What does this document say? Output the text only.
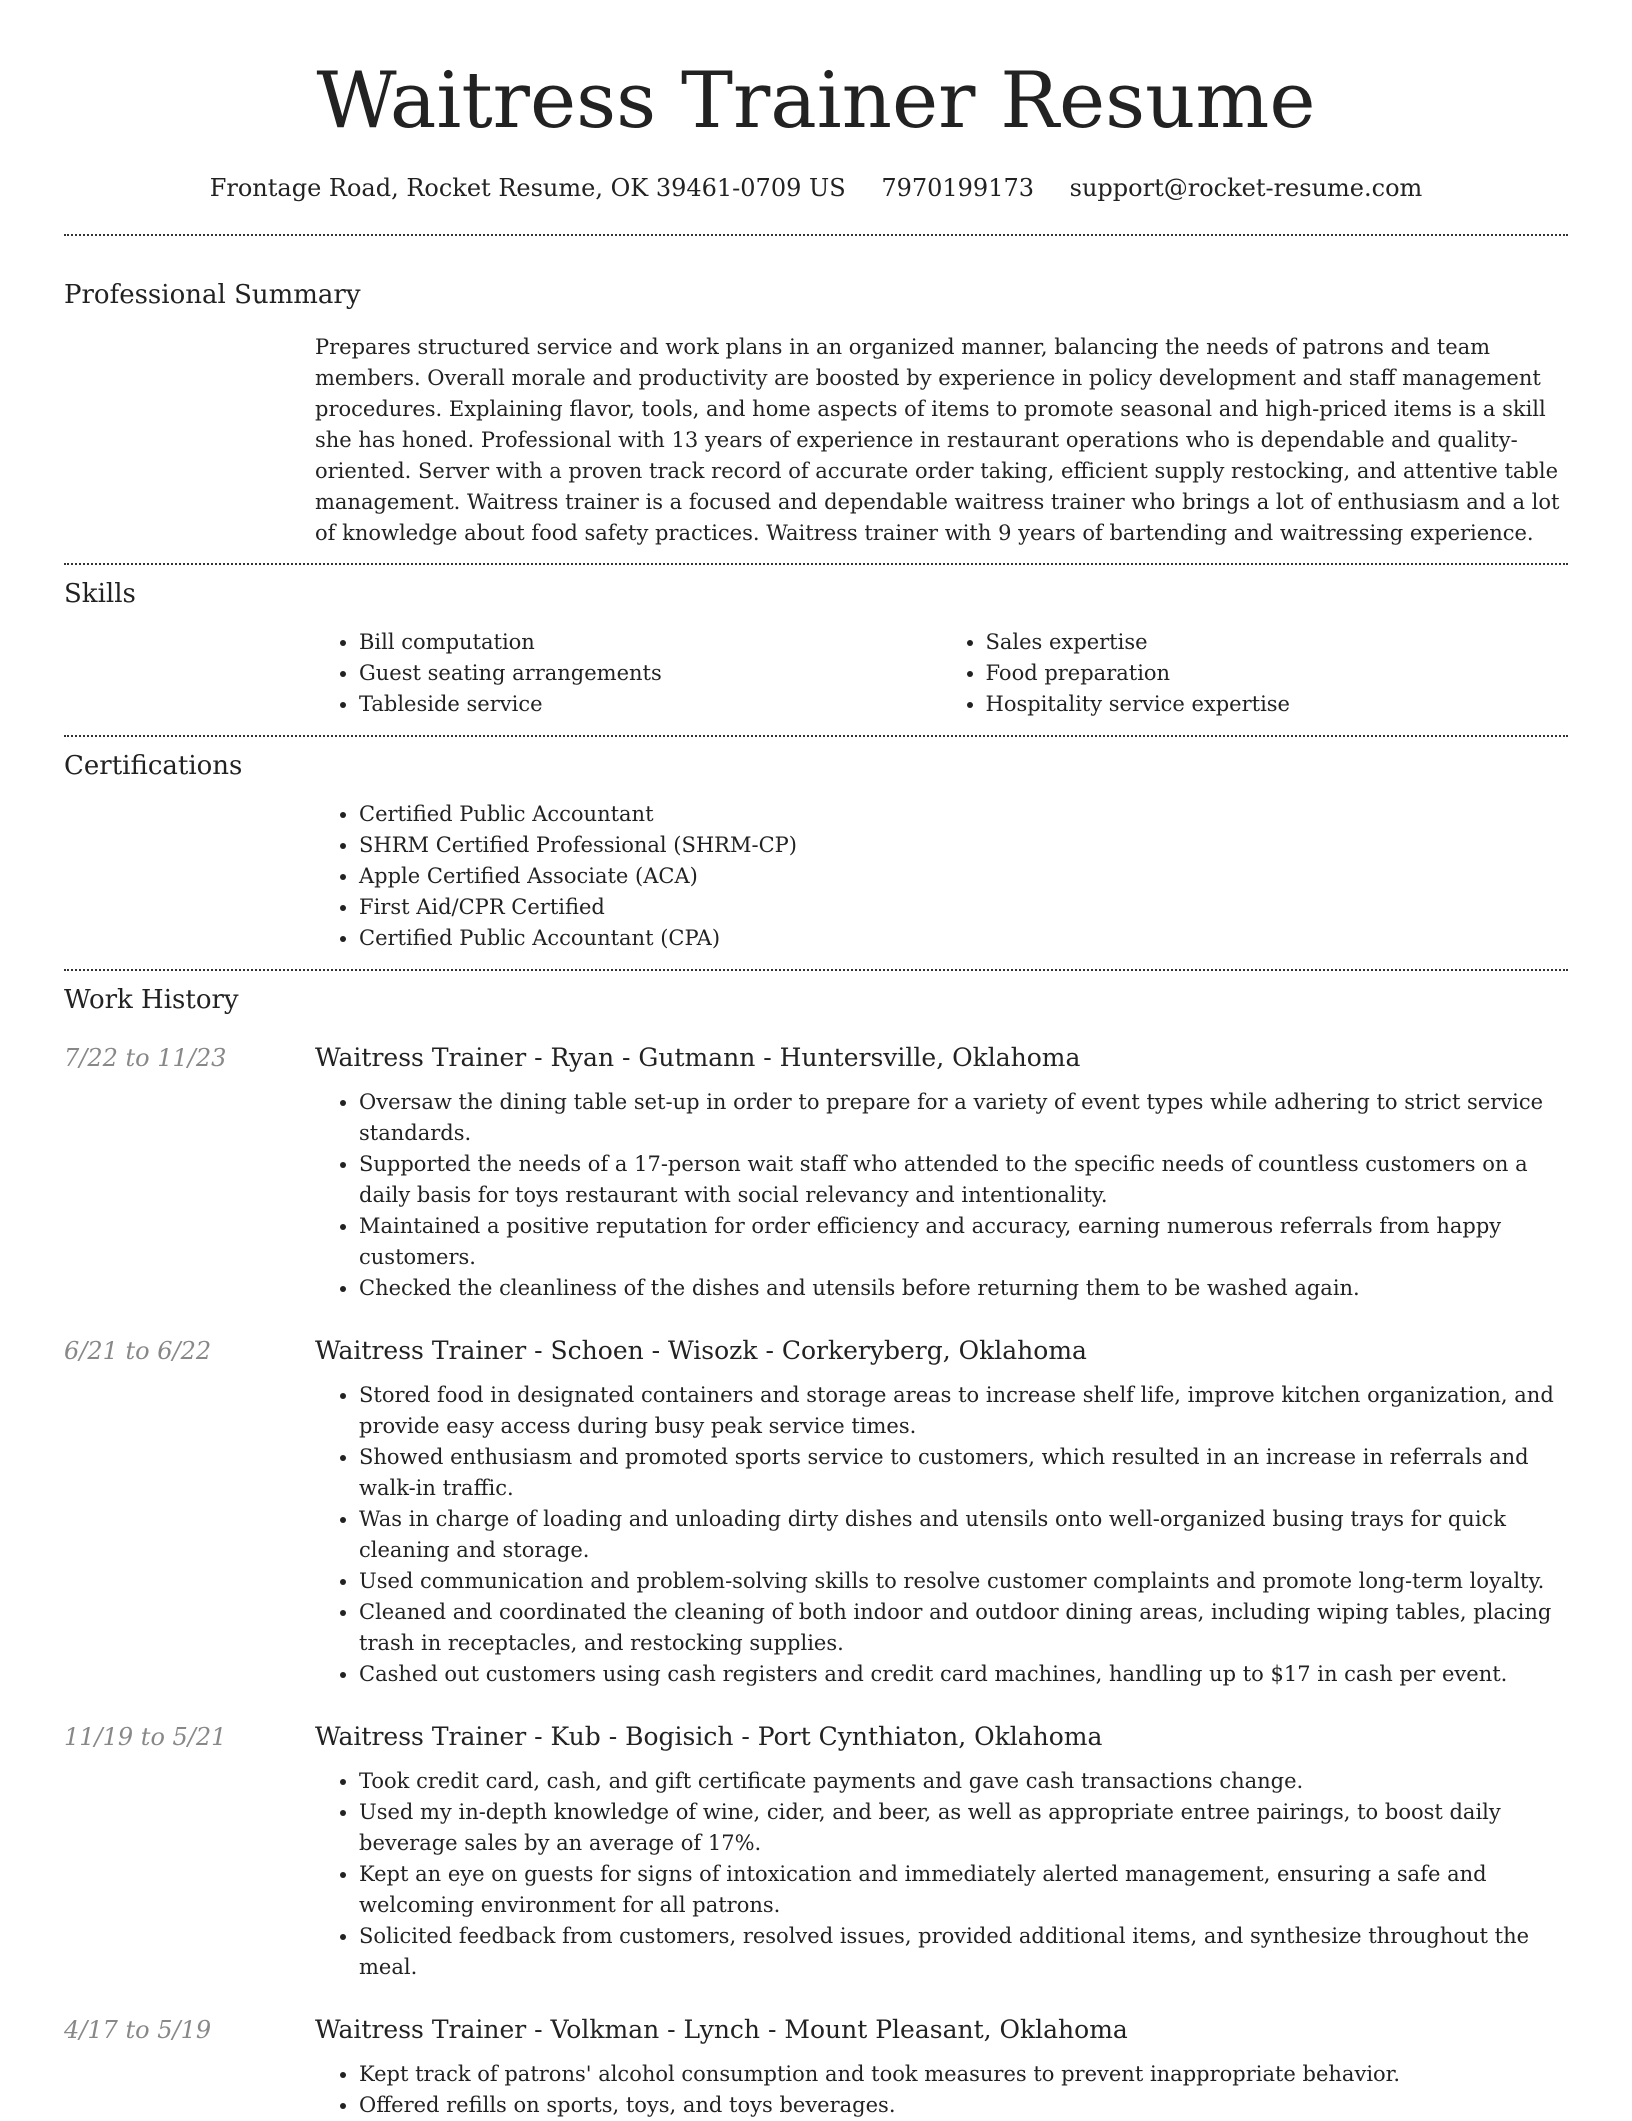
Waitress Trainer Resume
Frontage Road, Rocket Resume, OK 39461-0709 US 7970199173 support@rocket-resume.com
Professional Summary
Prepares structured service and work plans in an organized manner, balancing the needs of patrons and team members. Overall morale and productivity are boosted by experience in policy development and staff management procedures. Explaining flavor, tools, and home aspects of items to promote seasonal and high-priced items is a skill she has honed. Professional with 13 years of experience in restaurant operations who is dependable and quality-oriented. Server with a proven track record of accurate order taking, efficient supply restocking, and attentive table management. Waitress trainer is a focused and dependable waitress trainer who brings a lot of enthusiasm and a lot of knowledge about food safety practices. Waitress trainer with 9 years of bartending and waitressing experience.
Skills
• Bill computation
• Guest seating arrangements
• Tableside service
• Sales expertise
• Food preparation
• Hospitality service expertise
Certifications
• Certified Public Accountant
• SHRM Certified Professional (SHRM-CP)
• Apple Certified Associate (ACA)
• First Aid/CPR Certified
• Certified Public Accountant (CPA)
Work History
7/22 to 11/23	Waitress Trainer - Ryan - Gutmann - Huntersville, Oklahoma
• Oversaw the dining table set-up in order to prepare for a variety of event types while adhering to strict service standards.
• Supported the needs of a 17-person wait staff who attended to the specific needs of countless customers on a daily basis for toys restaurant with social relevancy and intentionality.
• Maintained a positive reputation for order efficiency and accuracy, earning numerous referrals from happy customers.
• Checked the cleanliness of the dishes and utensils before returning them to be washed again.
6/21 to 6/22	Waitress Trainer - Schoen - Wisozk - Corkeryberg, Oklahoma
• Stored food in designated containers and storage areas to increase shelf life, improve kitchen organization, and provide easy access during busy peak service times.
• Showed enthusiasm and promoted sports service to customers, which resulted in an increase in referrals and walk-in traffic.
• Was in charge of loading and unloading dirty dishes and utensils onto well-organized busing trays for quick cleaning and storage.
• Used communication and problem-solving skills to resolve customer complaints and promote long-term loyalty.
• Cleaned and coordinated the cleaning of both indoor and outdoor dining areas, including wiping tables, placing trash in receptacles, and restocking supplies.
• Cashed out customers using cash registers and credit card machines, handling up to $17 in cash per event.
11/19 to 5/21	Waitress Trainer - Kub - Bogisich - Port Cynthiaton, Oklahoma
• Took credit card, cash, and gift certificate payments and gave cash transactions change.
• Used my in-depth knowledge of wine, cider, and beer, as well as appropriate entree pairings, to boost daily beverage sales by an average of 17%.
• Kept an eye on guests for signs of intoxication and immediately alerted management, ensuring a safe and welcoming environment for all patrons.
• Solicited feedback from customers, resolved issues, provided additional items, and synthesize throughout the meal.
4/17 to 5/19	Waitress Trainer - Volkman - Lynch - Mount Pleasant, Oklahoma
• Kept track of patrons' alcohol consumption and took measures to prevent inappropriate behavior.
• Offered refills on sports, toys, and toys beverages.
